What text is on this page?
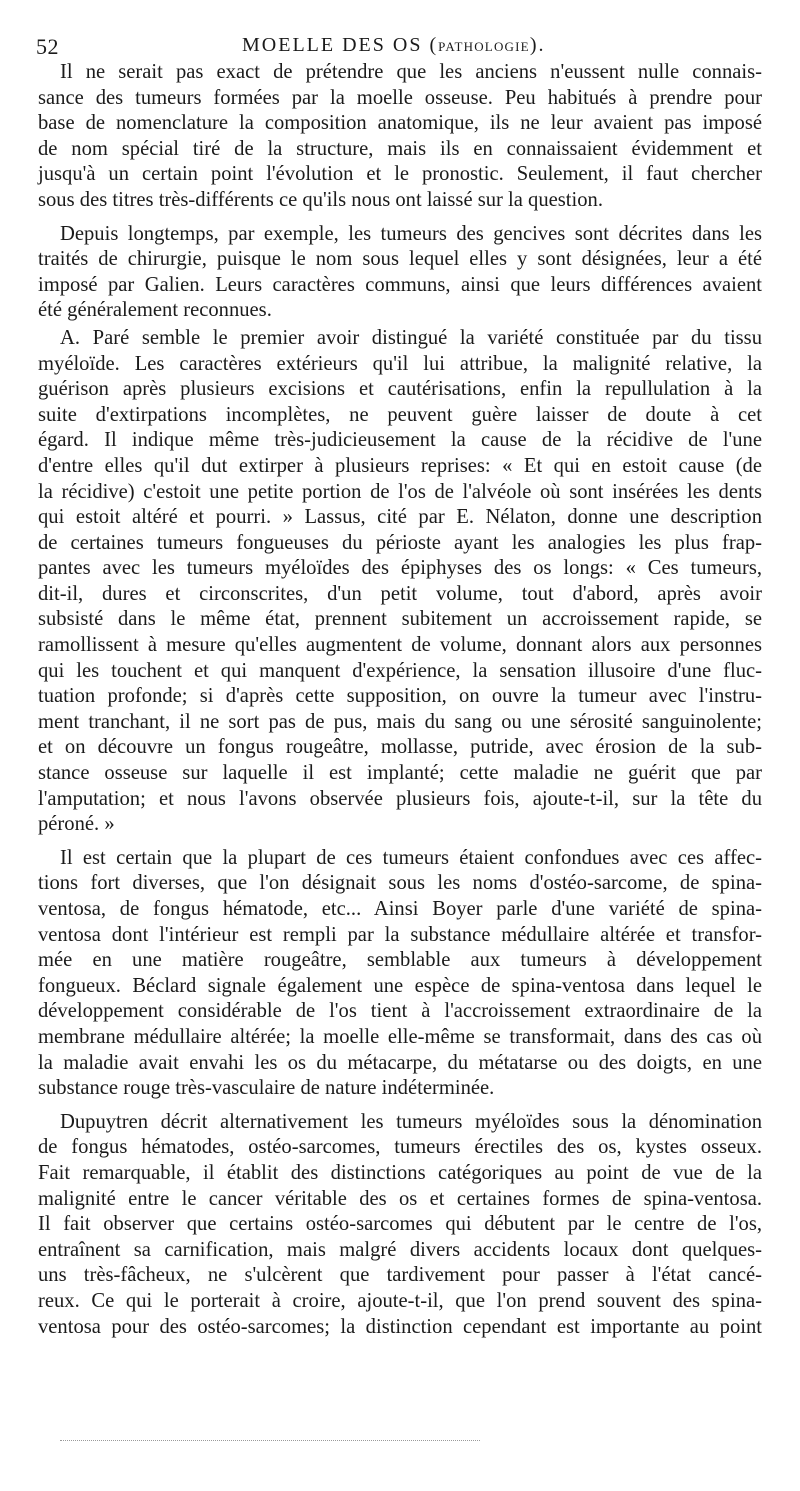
52	MOELLE DES OS (PATHOLOGIE).

Il ne serait pas exact de prétendre que les anciens n'eussent nulle connais-
sance des tumeurs formées par la moelle osseuse. Peu habitués à prendre pour
base de nomenclature la composition anatomique, ils ne leur avaient pas imposé
de nom spécial tiré de la structure, mais ils en connaissaient évidemment et
jusqu'à un certain point l'évolution et le pronostic. Seulement, il faut chercher
sous des titres très-différents ce qu'ils nous ont laissé sur la question.

Depuis longtemps, par exemple, les tumeurs des gencives sont décrites dans les
traités de chirurgie, puisque le nom sous lequel elles y sont désignées, leur a été
imposé par Galien. Leurs caractères communs, ainsi que leurs différences avaient
été généralement reconnues.

A. Paré semble le premier avoir distingué la variété constituée par du tissu
myéloïde. Les caractères extérieurs qu'il lui attribue, la malignité relative, la
guérison après plusieurs excisions et cautérisations, enfin la repullulation à la
suite d'extirpations incomplètes, ne peuvent guère laisser de doute à cet
égard. Il indique même très-judicieusement la cause de la récidive de l'une
d'entre elles qu'il dut extirper à plusieurs reprises: « Et qui en estoit cause (de
la récidive) c'estoit une petite portion de l'os de l'alvéole où sont insérées les dents
qui estoit altéré et pourri. » Lassus, cité par E. Nélaton, donne une description
de certaines tumeurs fongueuses du périoste ayant les analogies les plus frap-
pantes avec les tumeurs myéloïdes des épiphyses des os longs: « Ces tumeurs,
dit-il, dures et circonscrites, d'un petit volume, tout d'abord, après avoir
subsisté dans le même état, prennent subitement un accroissement rapide, se
ramollissent à mesure qu'elles augmentent de volume, donnant alors aux personnes
qui les touchent et qui manquent d'expérience, la sensation illusoire d'une fluc-
tuation profonde; si d'après cette supposition, on ouvre la tumeur avec l'instru-
ment tranchant, il ne sort pas de pus, mais du sang ou une sérosité sanguinolente;
et on découvre un fongus rougeâtre, mollasse, putride, avec érosion de la sub-
stance osseuse sur laquelle il est implanté; cette maladie ne guérit que par
l'amputation; et nous l'avons observée plusieurs fois, ajoute-t-il, sur la tête du
péroné. »

Il est certain que la plupart de ces tumeurs étaient confondues avec ces affec-
tions fort diverses, que l'on désignait sous les noms d'ostéo-sarcome, de spina-
ventosa, de fongus hématode, etc... Ainsi Boyer parle d'une variété de spina-
ventosa dont l'intérieur est rempli par la substance médullaire altérée et transfor-
mée en une matière rougeâtre, semblable aux tumeurs à développement
fongueux. Béclard signale également une espèce de spina-ventosa dans lequel le
développement considérable de l'os tient à l'accroissement extraordinaire de la
membrane médullaire altérée; la moelle elle-même se transformait, dans des cas où
la maladie avait envahi les os du métacarpe, du métatarse ou des doigts, en une
substance rouge très-vasculaire de nature indéterminée.

Dupuytren décrit alternativement les tumeurs myéloïdes sous la dénomination
de fongus hématodes, ostéo-sarcomes, tumeurs érectiles des os, kystes osseux.
Fait remarquable, il établit des distinctions catégoriques au point de vue de la
malignité entre le cancer véritable des os et certaines formes de spina-ventosa.
Il fait observer que certains ostéo-sarcomes qui débutent par le centre de l'os,
entraînent sa carnification, mais malgré divers accidents locaux dont quelques-
uns très-fâcheux, ne s'ulcèrent que tardivement pour passer à l'état cancé-
reux. Ce qui le porterait à croire, ajoute-t-il, que l'on prend souvent des spina-
ventosa pour des ostéo-sarcomes; la distinction cependant est importante au point
